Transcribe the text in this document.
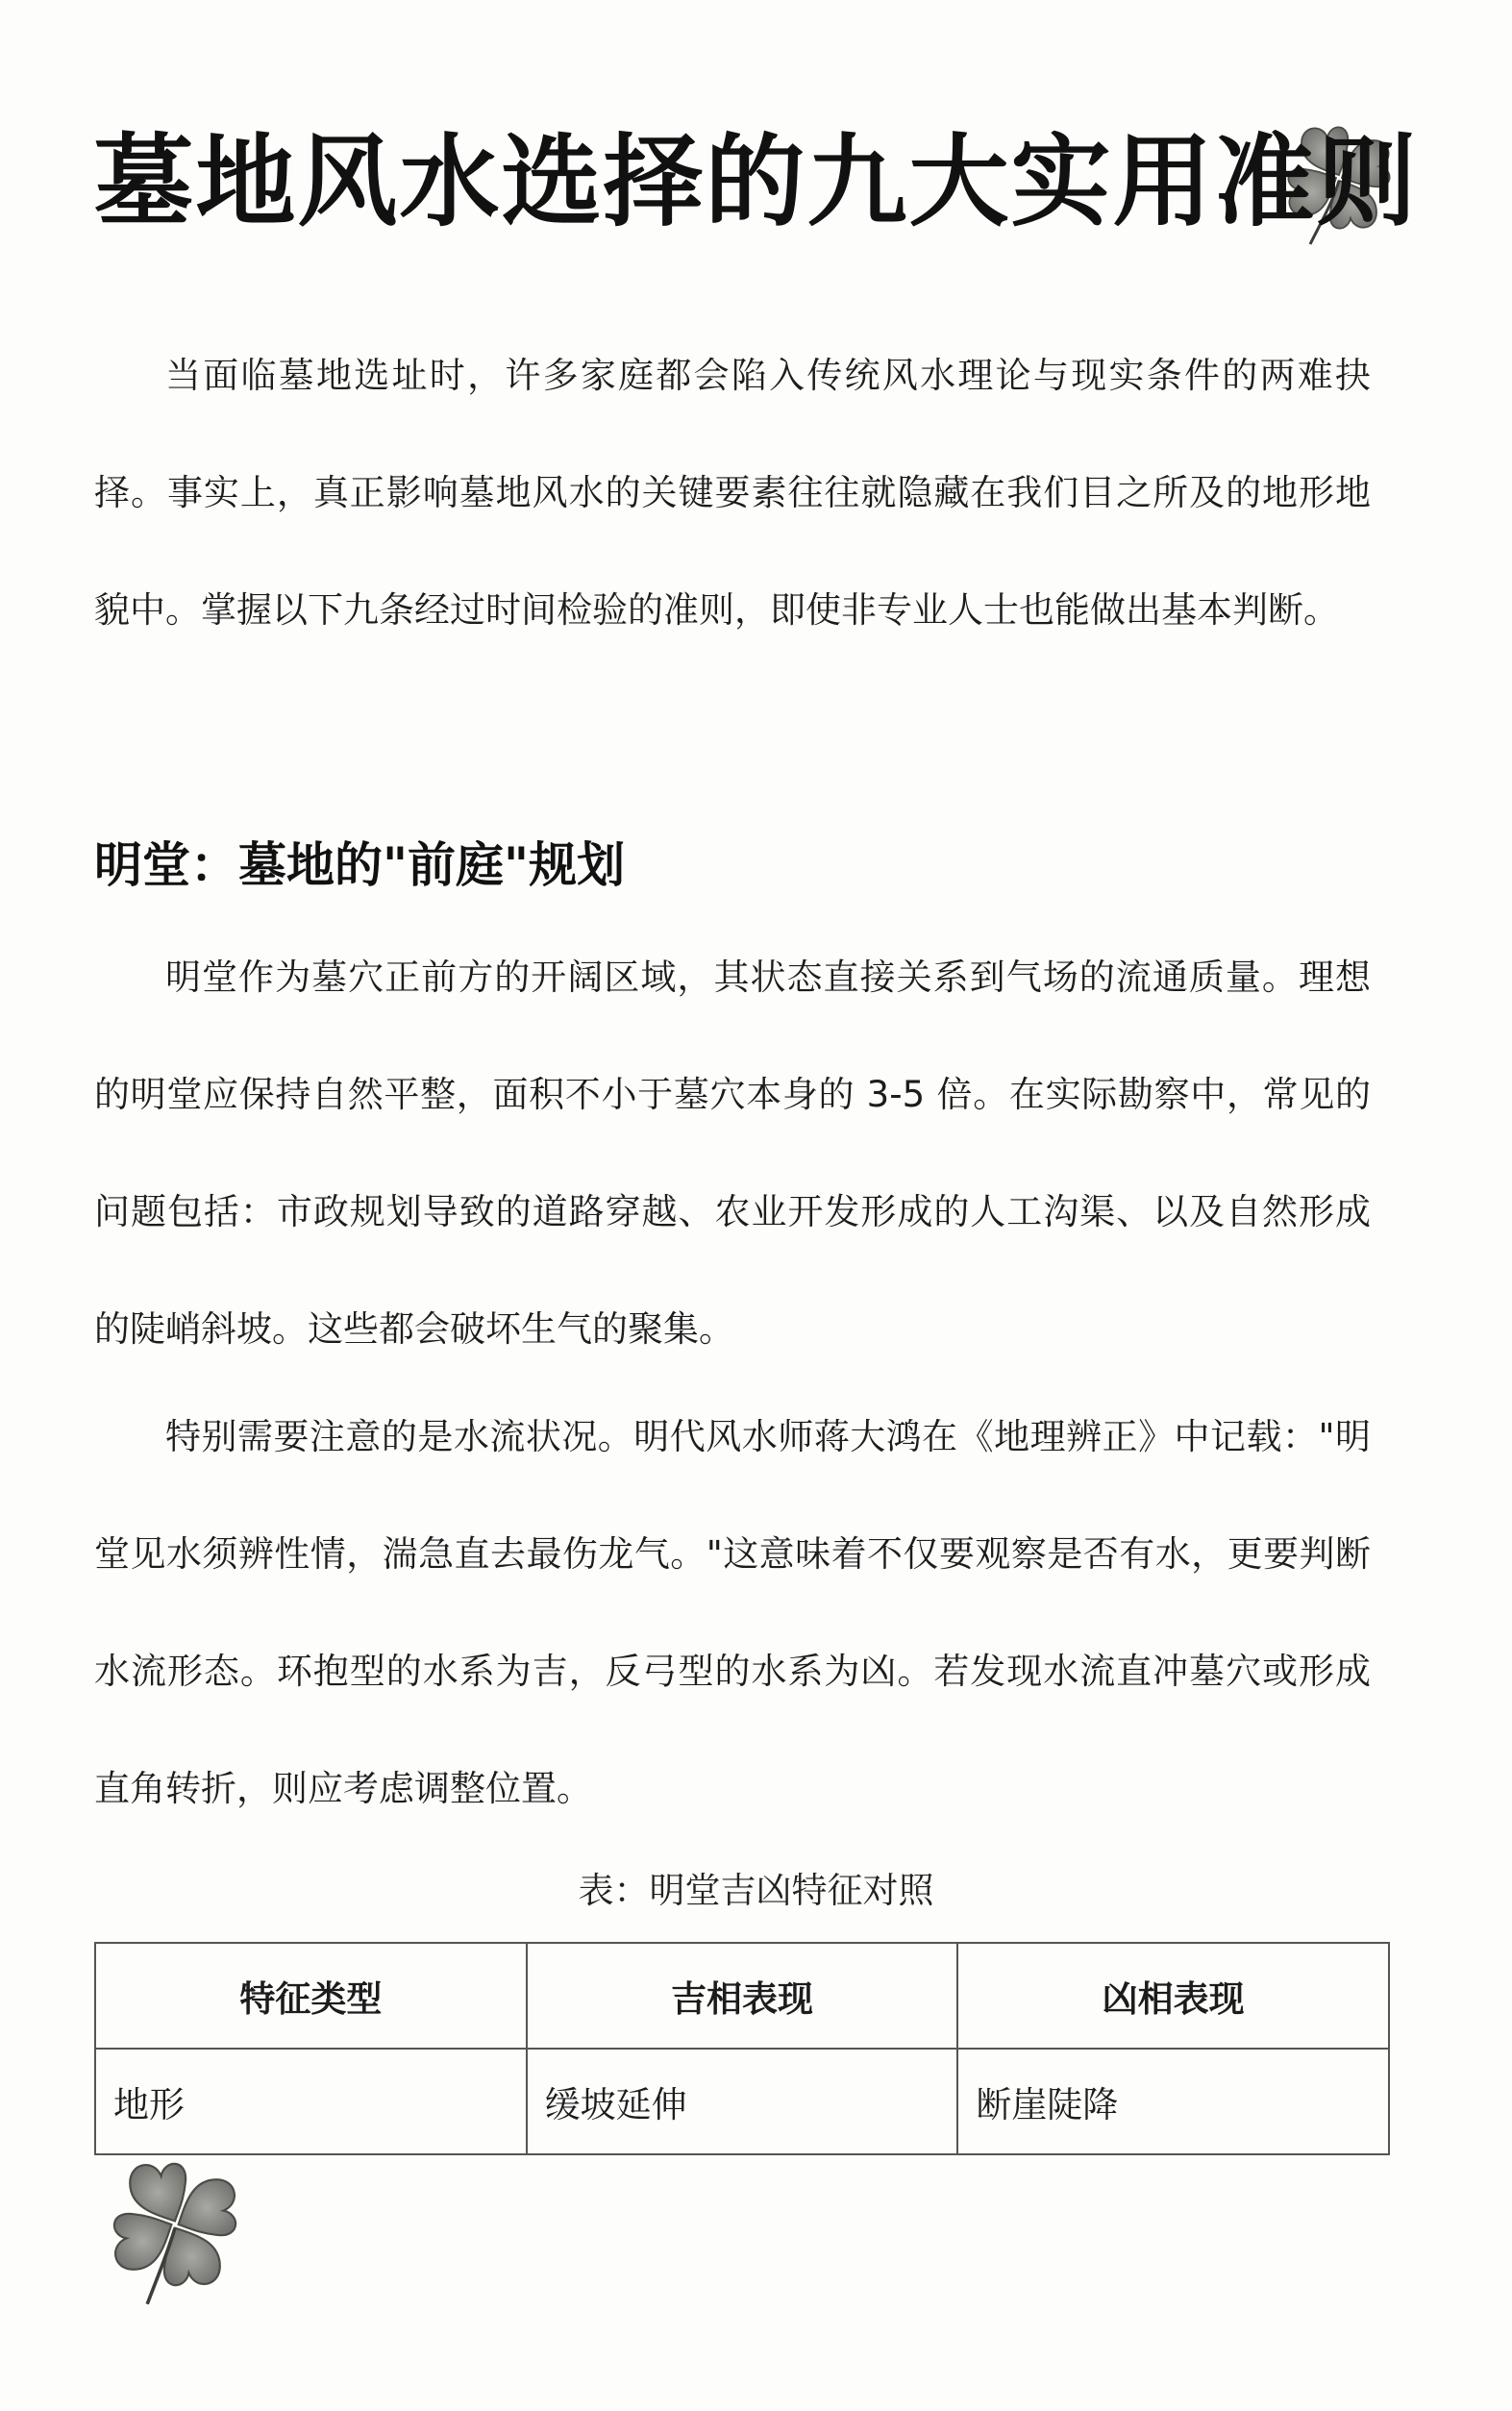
墓地风水选择的九大实用准则

当面临墓地选址时，许多家庭都会陷入传统风水理论与现实条件的两难抉择。事实上，真正影响墓地风水的关键要素往往就隐藏在我们目之所及的地形地貌中。掌握以下九条经过时间检验的准则，即使非专业人士也能做出基本判断。

明堂：墓地的"前庭"规划

明堂作为墓穴正前方的开阔区域，其状态直接关系到气场的流通质量。理想的明堂应保持自然平整，面积不小于墓穴本身的 3-5 倍。在实际勘察中，常见的问题包括：市政规划导致的道路穿越、农业开发形成的人工沟渠、以及自然形成的陡峭斜坡。这些都会破坏生气的聚集。

特别需要注意的是水流状况。明代风水师蒋大鸿在《地理辨正》中记载："明堂见水须辨性情，湍急直去最伤龙气。"这意味着不仅要观察是否有水，更要判断水流形态。环抱型的水系为吉，反弓型的水系为凶。若发现水流直冲墓穴或形成直角转折，则应考虑调整位置。

表：明堂吉凶特征对照

特征类型	吉相表现	凶相表现
地形	缓坡延伸	断崖陡降
